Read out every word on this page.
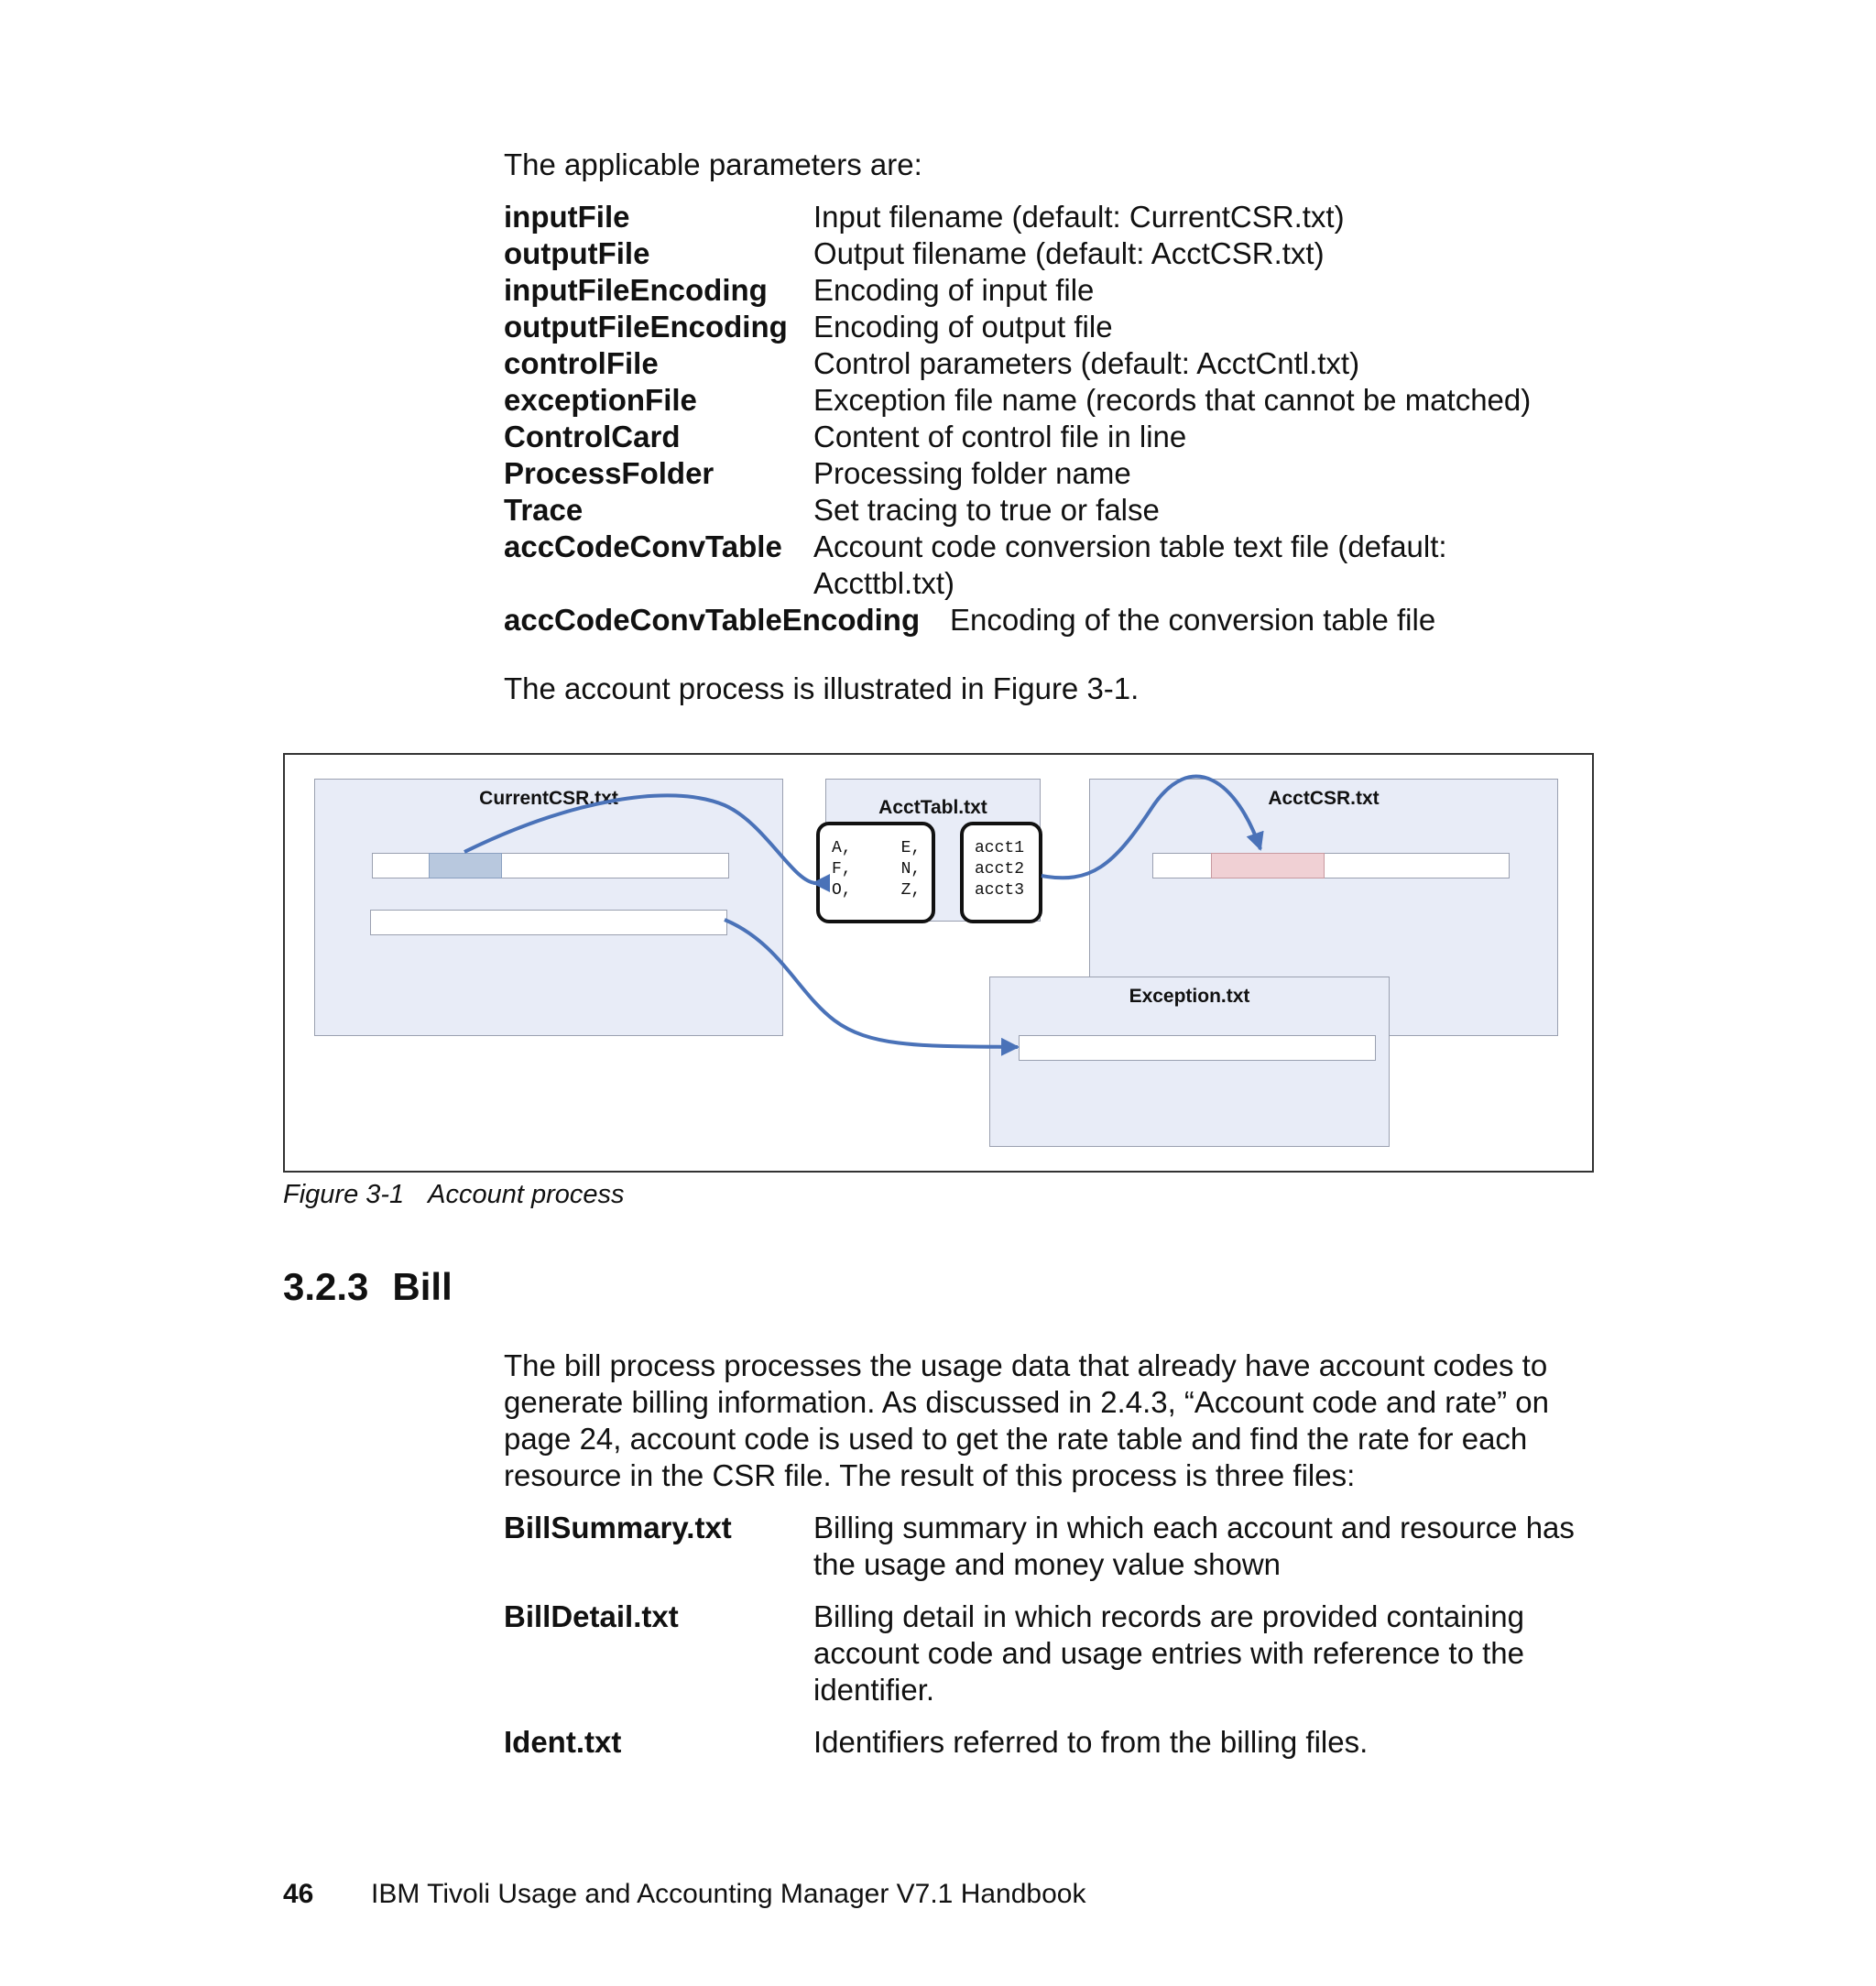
The applicable parameters are:
inputFile	Input filename (default: CurrentCSR.txt)
outputFile	Output filename (default: AcctCSR.txt)
inputFileEncoding Encoding of input file
outputFileEncoding Encoding of output file
controlFile	Control parameters (default: AcctCntl.txt)
exceptionFile	Exception file name (records that cannot be matched)
ControlCard	Content of control file in line
ProcessFolder	Processing folder name
Trace	Set tracing to true or false
accCodeConvTable Account code conversion table text file (default:
Accttbl.txt)
accCodeConvTableEncoding Encoding of the conversion table file
The account process is illustrated in Figure 3-1.
CurrentCSR.txt	AcctTabl.txt
A,     E,
F,     N,
O,     Z,
acct1
acct2
acct3
AcctCSR.txt
Exception.txt
Figure 3-1 Account process
3.2.3 Bill
The bill process processes the usage data that already have account codes to
generate billing information. As discussed in 2.4.3, “Account code and rate” on
page 24, account code is used to get the rate table and find the rate for each
resource in the CSR file. The result of this process is three files:
BillSummary.txt	Billing summary in which each account and resource has
the usage and money value shown
BillDetail.txt	Billing detail in which records are provided containing
account code and usage entries with reference to the
identifier.
Ident.txt	Identifiers referred to from the billing files.
46 IBM Tivoli Usage and Accounting Manager V7.1 Handbook
